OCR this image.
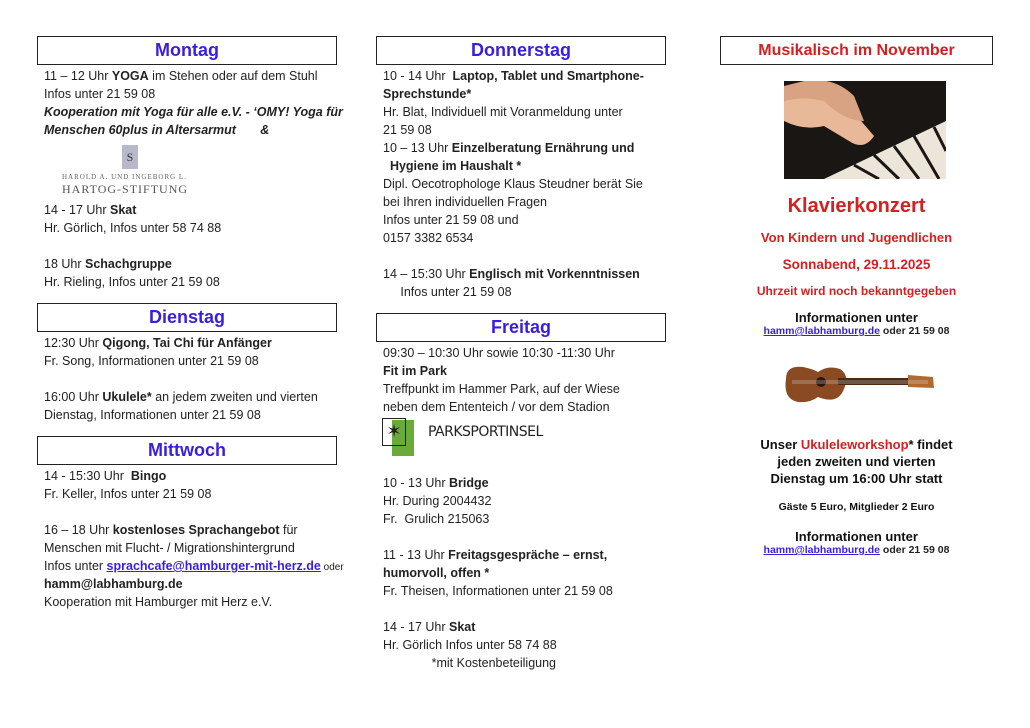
Montag
11 – 12 Uhr YOGA im Stehen oder auf dem Stuhl
Infos unter 21 59 08
Kooperation mit Yoga für alle e.V. - ‘OMY! Yoga für
Menschen 60plus in Altersarmut       &
S
HAROLD A. UND INGEBORG L.
HARTOG-STIFTUNG
14 - 17 Uhr Skat
Hr. Görlich, Infos unter 58 74 88
18 Uhr Schachgruppe
Hr. Rieling, Infos unter 21 59 08
Dienstag
12:30 Uhr Qigong, Tai Chi für Anfänger
Fr. Song, Informationen unter 21 59 08
16:00 Uhr Ukulele* an jedem zweiten und vierten
Dienstag, Informationen unter 21 59 08
Mittwoch
14 - 15:30 Uhr  Bingo
Fr. Keller, Infos unter 21 59 08
16 – 18 Uhr kostenloses Sprachangebot für
Menschen mit Flucht- / Migrationshintergrund
Infos unter sprachcafe@hamburger-mit-herz.de oder
hamm@labhamburg.de
Kooperation mit Hamburger mit Herz e.V.
Donnerstag
10 - 14 Uhr  Laptop, Tablet und Smartphone-
Sprechstunde*
Hr. Blat, Individuell mit Voranmeldung unter
21 59 08
10 – 13 Uhr Einzelberatung Ernährung und
Hygiene im Haushalt *
Dipl. Oecotrophologe Klaus Steudner berät Sie
bei Ihren individuellen Fragen
Infos unter 21 59 08 und
0157 3382 6534
14 – 15:30 Uhr Englisch mit Vorkenntnissen
Infos unter 21 59 08
Freitag
09:30 – 10:30 Uhr sowie 10:30 -11:30 Uhr
Fit im Park
Treffpunkt im Hammer Park, auf der Wiese
neben dem Ententeich / vor dem Stadion
✶	PARKSPORTINSEL
10 - 13 Uhr Bridge
Hr. During 2004432
Fr.  Grulich 215063
11 - 13 Uhr Freitagsgespräche – ernst,
humorvoll, offen *
Fr. Theisen, Informationen unter 21 59 08
14 - 17 Uhr Skat
Hr. Görlich Infos unter 58 74 88
*mit Kostenbeteiligung
Musikalisch im November
Klavierkonzert
Von Kindern und Jugendlichen
Sonnabend, 29.11.2025
Uhrzeit wird noch bekanntgegeben
Informationen unter
hamm@labhamburg.de oder 21 59 08
Unser Ukuleleworkshop* findet
jeden zweiten und vierten
Dienstag um 16:00 Uhr statt
Gäste 5 Euro, Mitglieder 2 Euro
Informationen unter
hamm@labhamburg.de oder 21 59 08
